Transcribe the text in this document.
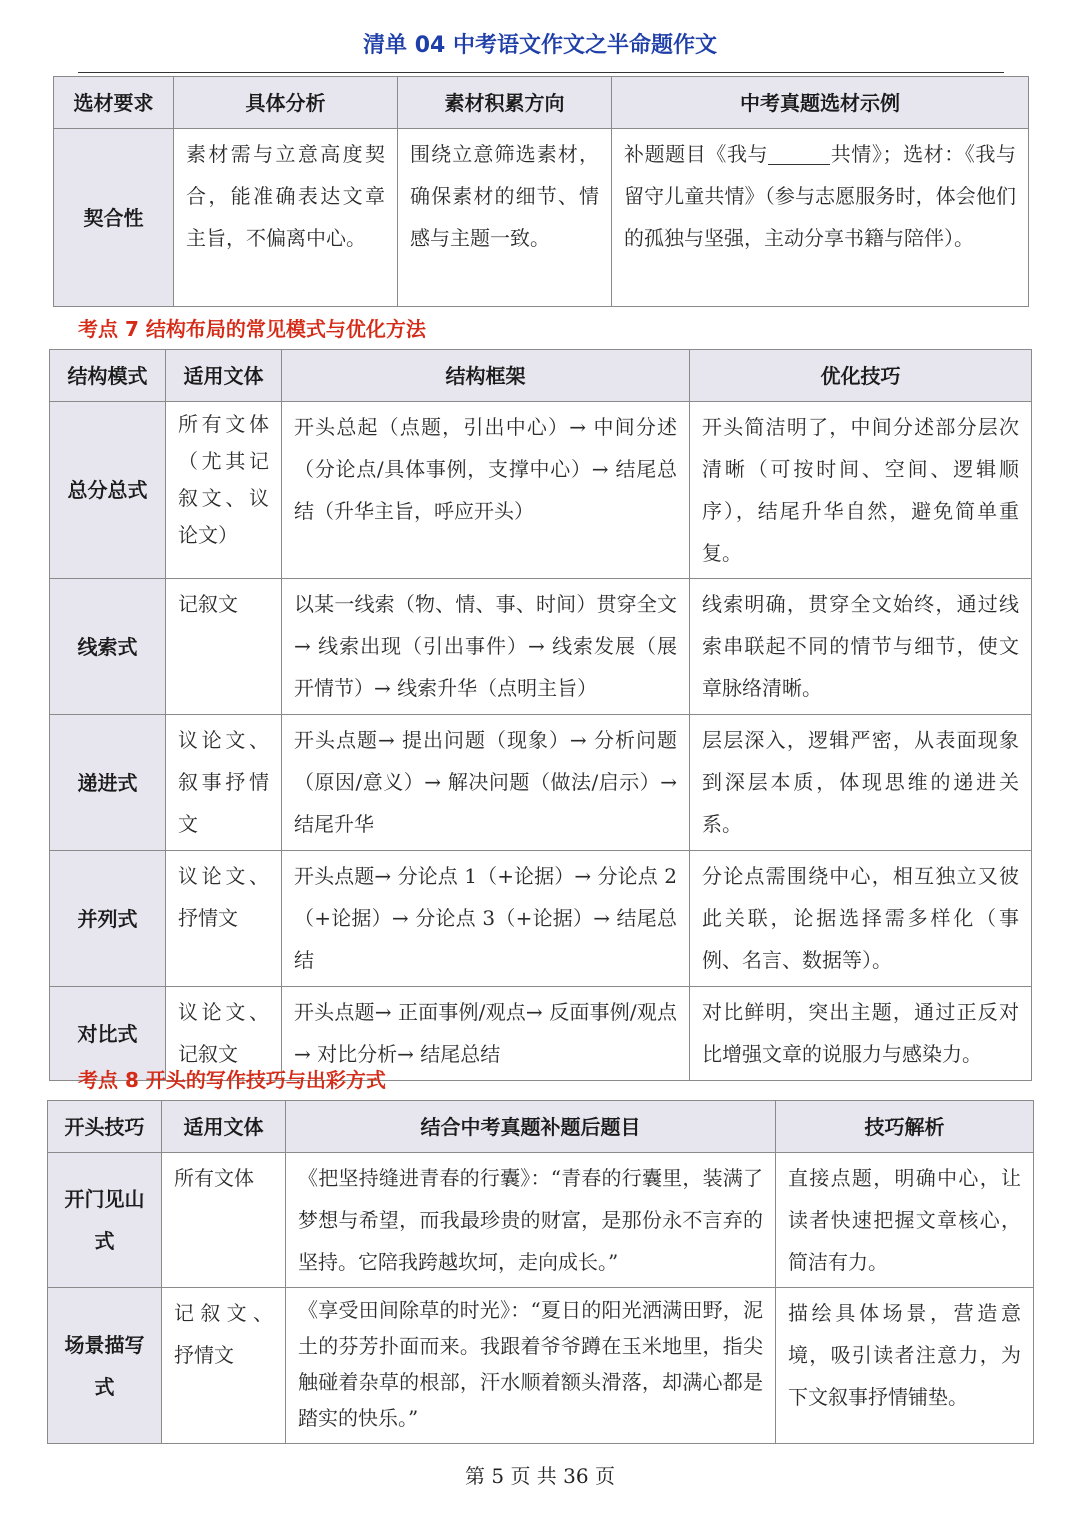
清单 04 中考语文作文之半命题作文
选材要求	具体分析	素材积累方向	中考真题选材示例
契合性	素材需与立意高度契合，能准确表达文章主旨，不偏离中心。	围绕立意筛选素材，确保素材的细节、情感与主题一致。	补题题目《我与 共情》；选材：《我与留守儿童共情》（参与志愿服务时，体会他们的孤独与坚强，主动分享书籍与陪伴）。
考点 7 结构布局的常见模式与优化方法
结构模式	适用文体	结构框架	优化技巧
总分总式	所有文体（尤其记叙文、议论文）	开头总起（点题，引出中心）→ 中间分述（分论点/具体事例，支撑中心）→ 结尾总结（升华主旨，呼应开头）	开头简洁明了，中间分述部分层次清晰（可按时间、空间、逻辑顺序），结尾升华自然，避免简单重复。
线索式	记叙文	以某一线索（物、情、事、时间）贯穿全文→ 线索出现（引出事件）→ 线索发展（展开情节）→ 线索升华（点明主旨）	线索明确，贯穿全文始终，通过线索串联起不同的情节与细节，使文章脉络清晰。
递进式	议论文、叙事抒情文	开头点题→ 提出问题（现象）→ 分析问题（原因/意义）→ 解决问题（做法/启示）→ 结尾升华	层层深入，逻辑严密，从表面现象到深层本质，体现思维的递进关系。
并列式	议论文、抒情文	开头点题→ 分论点 1（+论据）→ 分论点 2（+论据）→ 分论点 3（+论据）→ 结尾总结	分论点需围绕中心，相互独立又彼此关联，论据选择需多样化（事例、名言、数据等）。
对比式	议论文、记叙文	开头点题→ 正面事例/观点→ 反面事例/观点→ 对比分析→ 结尾总结	对比鲜明，突出主题，通过正反对比增强文章的说服力与感染力。
考点 8 开头的写作技巧与出彩方式
开头技巧	适用文体	结合中考真题补题后题目	技巧解析
开门见山式	所有文体	《把坚持缝进青春的行囊》：“青春的行囊里，装满了梦想与希望，而我最珍贵的财富，是那份永不言弃的坚持。它陪我跨越坎坷，走向成长。”	直接点题，明确中心，让读者快速把握文章核心，简洁有力。
场景描写式	记叙文、抒情文	《享受田间除草的时光》：“夏日的阳光洒满田野，泥土的芬芳扑面而来。我跟着爷爷蹲在玉米地里，指尖触碰着杂草的根部，汗水顺着额头滑落，却满心都是踏实的快乐。”	描绘具体场景，营造意境，吸引读者注意力，为下文叙事抒情铺垫。
第 5 页 共 36 页
